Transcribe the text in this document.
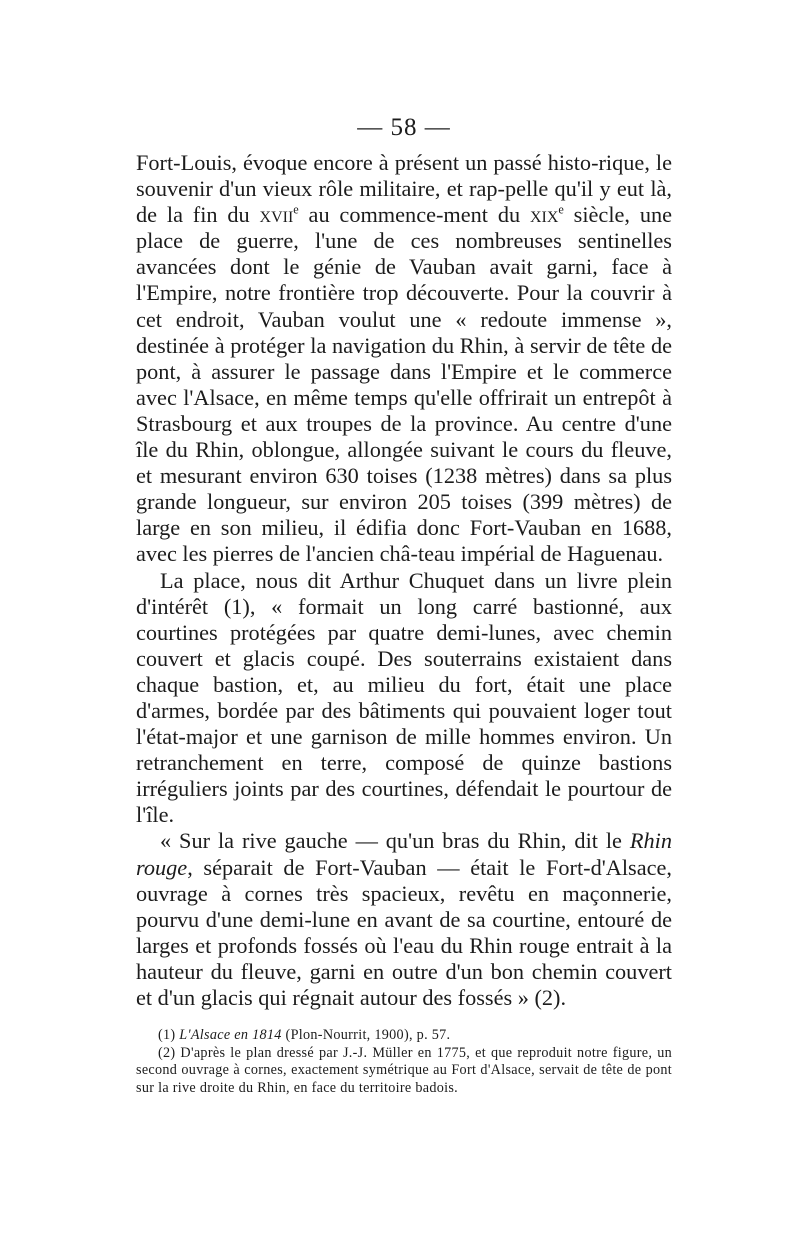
— 58 —

Fort-Louis, évoque encore à présent un passé histo-rique, le souvenir d'un vieux rôle militaire, et rap-pelle qu'il y eut là, de la fin du xvii$^e$ au commence-ment du xix$^e$ siècle, une place de guerre, l'une de ces nombreuses sentinelles avancées dont le génie de Vauban avait garni, face à l'Empire, notre frontière trop découverte. Pour la couvrir à cet endroit, Vauban voulut une « redoute immense », destinée à protéger la navigation du Rhin, à servir de tête de pont, à assurer le passage dans l'Empire et le commerce avec l'Alsace, en même temps qu'elle offrirait un entrepôt à Strasbourg et aux troupes de la province. Au centre d'une île du Rhin, oblongue, allongée suivant le cours du fleuve, et mesurant environ 630 toises (1238 mètres) dans sa plus grande longueur, sur environ 205 toises (399 mètres) de large en son milieu, il édifia donc Fort-Vauban en 1688, avec les pierres de l'ancien châ-teau impérial de Haguenau.

La place, nous dit Arthur Chuquet dans un livre plein d'intérêt (1), « formait un long carré bastionné, aux courtines protégées par quatre demi-lunes, avec chemin couvert et glacis coupé. Des souterrains existaient dans chaque bastion, et, au milieu du fort, était une place d'armes, bordée par des bâtiments qui pouvaient loger tout l'état-major et une garnison de mille hommes environ. Un retranchement en terre, composé de quinze bastions irréguliers joints par des courtines, défendait le pourtour de l'île.

« Sur la rive gauche — qu'un bras du Rhin, dit le Rhin rouge, séparait de Fort-Vauban — était le Fort-d'Alsace, ouvrage à cornes très spacieux, revêtu en maçonnerie, pourvu d'une demi-lune en avant de sa courtine, entouré de larges et profonds fossés où l'eau du Rhin rouge entrait à la hauteur du fleuve, garni en outre d'un bon chemin couvert et d'un glacis qui régnait autour des fossés » (2).

(1) L'Alsace en 1814 (Plon-Nourrit, 1900), p. 57.

(2) D'après le plan dressé par J.-J. Müller en 1775, et que reproduit notre figure, un second ouvrage à cornes, exactement symétrique au Fort d'Alsace, servait de tête de pont sur la rive droite du Rhin, en face du territoire badois.
